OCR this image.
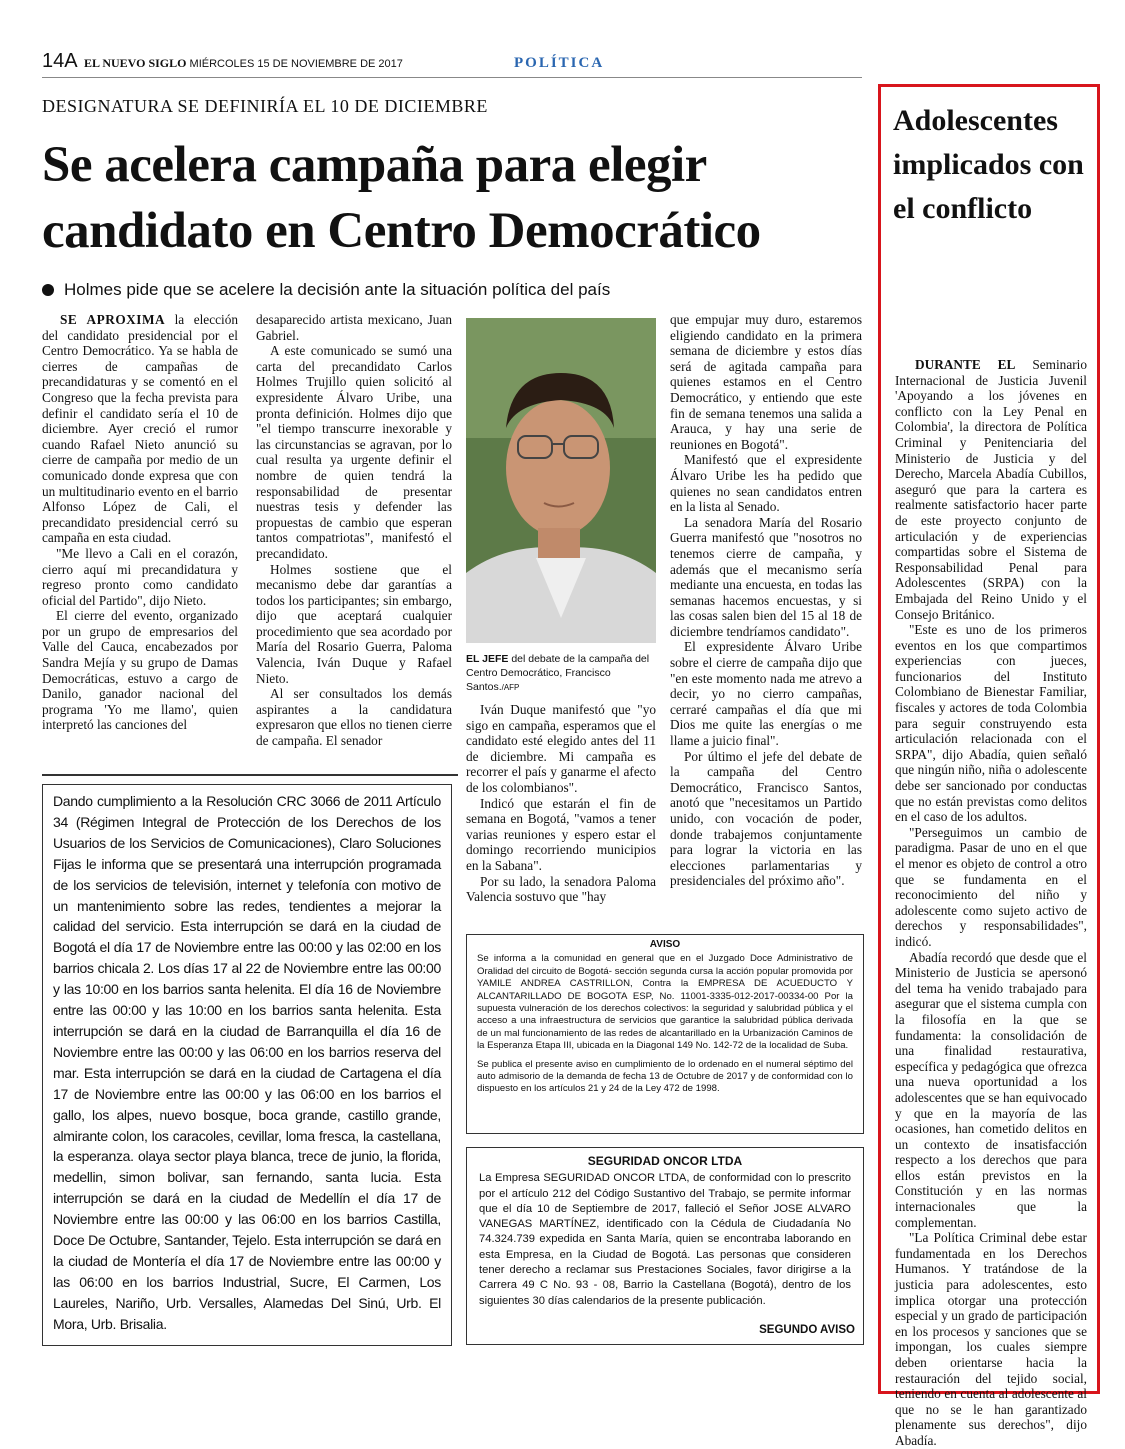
14A EL NUEVO SIGLO MIÉRCOLES 15 DE NOVIEMBRE DE 2017	POLÍTICA
DESIGNATURA SE DEFINIRÍA EL 10 DE DICIEMBRE
Se acelera campaña para elegir candidato en Centro Democrático
Holmes pide que se acelere la decisión ante la situación política del país

SE APROXIMA la elección del candidato presidencial por el Centro Democrático. Ya se habla de cierres de campañas de precandidaturas y se comentó en el Congreso que la fecha prevista para definir el candidato sería el 10 de diciembre. Ayer creció el rumor cuando Rafael Nieto anunció su cierre de campaña por medio de un comunicado donde expresa que con un multitudinario evento en el barrio Alfonso López de Cali, el precandidato presidencial cerró su campaña en esta ciudad.

"Me llevo a Cali en el corazón, cierro aquí mi precandidatura y regreso pronto como candidato oficial del Partido", dijo Nieto.

El cierre del evento, organizado por un grupo de empresarios del Valle del Cauca, encabezados por Sandra Mejía y su grupo de Damas Democráticas, estuvo a cargo de Danilo, ganador nacional del programa 'Yo me llamo', quien interpretó las canciones del

desaparecido artista mexicano, Juan Gabriel.

A este comunicado se sumó una carta del precandidato Carlos Holmes Trujillo quien solicitó al expresidente Álvaro Uribe, una pronta definición. Holmes dijo que "el tiempo transcurre inexorable y las circunstancias se agravan, por lo cual resulta ya urgente definir el nombre de quien tendrá la responsabilidad de presentar nuestras tesis y defender las propuestas de cambio que esperan tantos compatriotas", manifestó el precandidato.

Holmes sostiene que el mecanismo debe dar garantías a todos los participantes; sin embargo, dijo que aceptará cualquier procedimiento que sea acordado por María del Rosario Guerra, Paloma Valencia, Iván Duque y Rafael Nieto.

Al ser consultados los demás aspirantes a la candidatura expresaron que ellos no tienen cierre de campaña. El senador

EL JEFE del debate de la campaña del Centro Democrático, Francisco Santos./AFP

Iván Duque manifestó que "yo sigo en campaña, esperamos que el candidato esté elegido antes del 11 de diciembre. Mi campaña es recorrer el país y ganarme el afecto de los colombianos".

Indicó que estarán el fin de semana en Bogotá, "vamos a tener varias reuniones y espero estar el domingo recorriendo municipios en la Sabana".

Por su lado, la senadora Paloma Valencia sostuvo que "hay

que empujar muy duro, estaremos eligiendo candidato en la primera semana de diciembre y estos días será de agitada campaña para quienes estamos en el Centro Democrático, y entiendo que este fin de semana tenemos una salida a Arauca, y hay una serie de reuniones en Bogotá".

Manifestó que el expresidente Álvaro Uribe les ha pedido que quienes no sean candidatos entren en la lista al Senado.

La senadora María del Rosario Guerra manifestó que "nosotros no tenemos cierre de campaña, y además que el mecanismo sería mediante una encuesta, en todas las semanas hacemos encuestas, y si las cosas salen bien del 15 al 18 de diciembre tendríamos candidato".

El expresidente Álvaro Uribe sobre el cierre de campaña dijo que "en este momento nada me atrevo a decir, yo no cierro campañas, cerraré campañas el día que mi Dios me quite las energías o me llame a juicio final".

Por último el jefe del debate de la campaña del Centro Democrático, Francisco Santos, anotó que "necesitamos un Partido unido, con vocación de poder, donde trabajemos conjuntamente para lograr la victoria en las elecciones parlamentarias y presidenciales del próximo año".

Dando cumplimiento a la Resolución CRC 3066 de 2011 Artículo 34 (Régimen Integral de Protección de los Derechos de los Usuarios de los Servicios de Comunicaciones), Claro Soluciones Fijas le informa que se presentará una interrupción programada de los servicios de televisión, internet y telefonía con motivo de un mantenimiento sobre las redes, tendientes a mejorar la calidad del servicio. Esta interrupción se dará en la ciudad de Bogotá el día 17 de Noviembre entre las 00:00 y las 02:00 en los barrios chicala 2. Los días 17 al 22 de Noviembre entre las 00:00 y las 10:00 en los barrios santa helenita. El día 16 de Noviembre entre las 00:00 y las 10:00 en los barrios santa helenita. Esta interrupción se dará en la ciudad de Barranquilla el día 16 de Noviembre entre las 00:00 y las 06:00 en los barrios reserva del mar. Esta interrupción se dará en la ciudad de Cartagena el día 17 de Noviembre entre las 00:00 y las 06:00 en los barrios el gallo, los alpes, nuevo bosque, boca grande, castillo grande, almirante colon, los caracoles, cevillar, loma fresca, la castellana, la esperanza. olaya sector playa blanca, trece de junio, la florida, medellin, simon bolivar, san fernando, santa lucia. Esta interrupción se dará en la ciudad de Medellín el día 17 de Noviembre entre las 00:00 y las 06:00 en los barrios Castilla, Doce De Octubre, Santander, Tejelo. Esta interrupción se dará en la ciudad de Montería el día 17 de Noviembre entre las 00:00 y las 06:00 en los barrios Industrial, Sucre, El Carmen, Los Laureles, Nariño, Urb. Versalles, Alamedas Del Sinú, Urb. El Mora, Urb. Brisalia.
AVISO

Se informa a la comunidad en general que en el Juzgado Doce Administrativo de Oralidad del circuito de Bogotá- sección segunda cursa la acción popular promovida por YAMILE ANDREA CASTRILLON, Contra la EMPRESA DE ACUEDUCTO Y ALCANTARILLADO DE BOGOTA ESP, No. 11001-3335-012-2017-00334-00 Por la supuesta vulneración de los derechos colectivos: la seguridad y salubridad pública y el acceso a una infraestructura de servicios que garantice la salubridad pública derivada de un mal funcionamiento de las redes de alcantarillado en la Urbanización Caminos de la Esperanza Etapa III, ubicada en la Diagonal 149 No. 142-72 de la localidad de Suba.

Se publica el presente aviso en cumplimiento de lo ordenado en el numeral séptimo del auto admisorio de la demanda de fecha 13 de Octubre de 2017 y de conformidad con lo dispuesto en los artículos 21 y 24 de la Ley 472 de 1998.

SEGURIDAD ONCOR LTDA
La Empresa SEGURIDAD ONCOR LTDA, de conformidad con lo prescrito por el artículo 212 del Código Sustantivo del Trabajo, se permite informar que el día 10 de Septiembre de 2017, falleció el Señor JOSE ALVARO VANEGAS MARTÍNEZ, identificado con la Cédula de Ciudadanía No 74.324.739 expedida en Santa María, quien se encontraba laborando en esta Empresa, en la Ciudad de Bogotá. Las personas que consideren tener derecho a reclamar sus Prestaciones Sociales, favor dirigirse a la Carrera 49 C No. 93 - 08, Barrio la Castellana (Bogotá), dentro de los siguientes 30 días calendarios de la presente publicación.
SEGUNDO AVISO
Adolescentes implicados con el conflicto

DURANTE EL Seminario Internacional de Justicia Juvenil 'Apoyando a los jóvenes en conflicto con la Ley Penal en Colombia', la directora de Política Criminal y Penitenciaria del Ministerio de Justicia y del Derecho, Marcela Abadía Cubillos, aseguró que para la cartera es realmente satisfactorio hacer parte de este proyecto conjunto de articulación y de experiencias compartidas sobre el Sistema de Responsabilidad Penal para Adolescentes (SRPA) con la Embajada del Reino Unido y el Consejo Británico.

"Este es uno de los primeros eventos en los que compartimos experiencias con jueces, funcionarios del Instituto Colombiano de Bienestar Familiar, fiscales y actores de toda Colombia para seguir construyendo esta articulación relacionada con el SRPA", dijo Abadía, quien señaló que ningún niño, niña o adolescente debe ser sancionado por conductas que no están previstas como delitos en el caso de los adultos.

"Perseguimos un cambio de paradigma. Pasar de uno en el que el menor es objeto de control a otro que se fundamenta en el reconocimiento del niño y adolescente como sujeto activo de derechos y responsabilidades", indicó.

Abadía recordó que desde que el Ministerio de Justicia se apersonó del tema ha venido trabajado para asegurar que el sistema cumpla con la filosofía en la que se fundamenta: la consolidación de una finalidad restaurativa, específica y pedagógica que ofrezca una nueva oportunidad a los adolescentes que se han equivocado y que en la mayoría de las ocasiones, han cometido delitos en un contexto de insatisfacción respecto a los derechos que para ellos están previstos en la Constitución y en las normas internacionales que la complementan.

"La Política Criminal debe estar fundamentada en los Derechos Humanos. Y tratándose de la justicia para adolescentes, esto implica otorgar una protección especial y un grado de participación en los procesos y sanciones que se impongan, los cuales siempre deben orientarse hacia la restauración del tejido social, teniendo en cuenta al adolescente al que no se le han garantizado plenamente sus derechos", dijo Abadía.
